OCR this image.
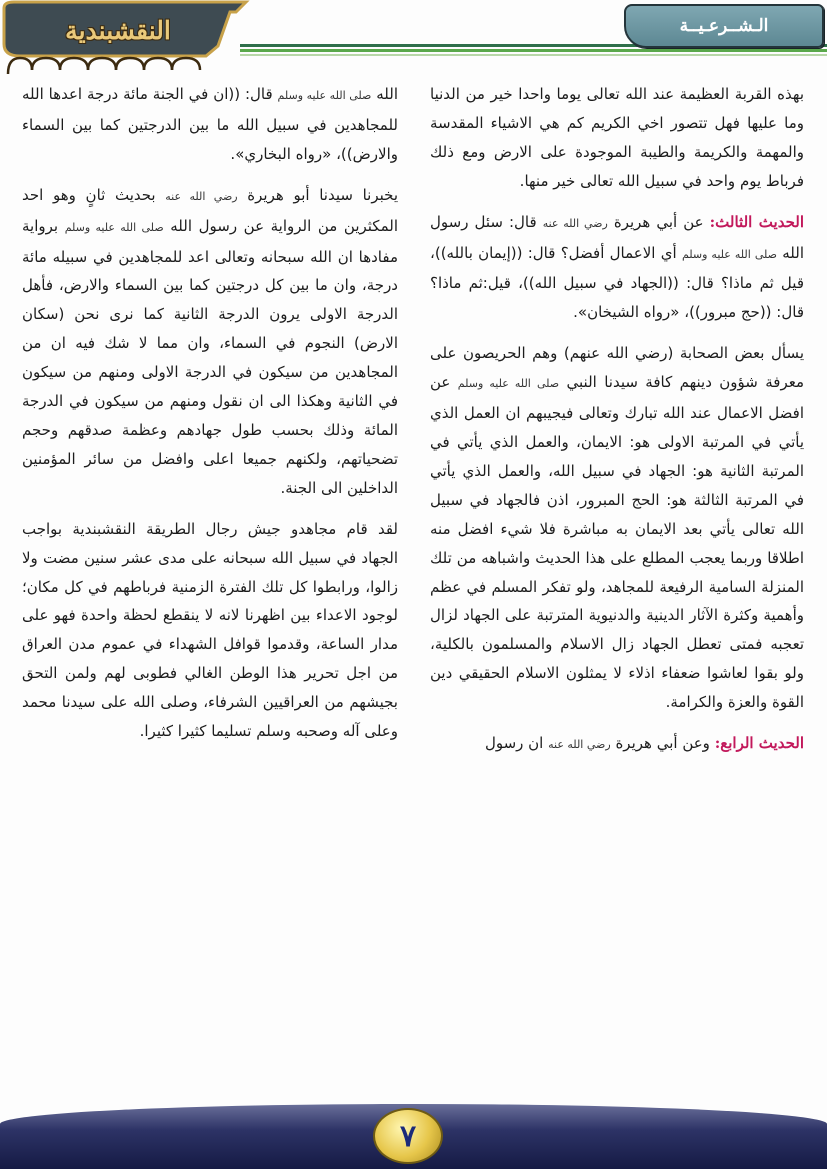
الـشــرعـيــة
النقشبندية

بهذه القربة العظيمة عند الله تعالى يوما واحدا خير من الدنيا وما عليها فهل تتصور اخي الكريم كم هي الاشياء المقدسة والمهمة والكريمة والطيبة الموجودة على الارض ومع ذلك فرباط يوم واحد في سبيل الله تعالى خير منها.

الحديث الثالث: عن أبي هريرة رضي الله عنه قال: سئل رسول الله صلى الله عليه وسلم أي الاعمال أفضل؟ قال: ((إيمان بالله))، قيل ثم ماذا؟ قال: ((الجهاد في سبيل الله))، قيل:ثم ماذا؟ قال: ((حج مبرور))، «رواه الشيخان».

يسأل بعض الصحابة (رضي الله عنهم) وهم الحريصون على معرفة شؤون دينهم كافة سيدنا النبي صلى الله عليه وسلم عن افضل الاعمال عند الله تبارك وتعالى فيجيبهم ان العمل الذي يأتي في المرتبة الاولى هو: الايمان، والعمل الذي يأتي في المرتبة الثانية هو: الجهاد في سبيل الله، والعمل الذي يأتي في المرتبة الثالثة هو: الحج المبرور، اذن فالجهاد في سبيل الله تعالى يأتي بعد الايمان به مباشرة فلا شيء افضل منه اطلاقا وربما يعجب المطلع على هذا الحديث واشباهه من تلك المنزلة السامية الرفيعة للمجاهد، ولو تفكر المسلم في عظم وأهمية وكثرة الآثار الدينية والدنيوية المترتبة على الجهاد لزال تعجبه فمتى تعطل الجهاد زال الاسلام والمسلمون بالكلية، ولو بقوا لعاشوا ضعفاء اذلاء لا يمثلون الاسلام الحقيقي دين القوة والعزة والكرامة.

الحديث الرابع: وعن أبي هريرة رضي الله عنه ان رسول

الله صلى الله عليه وسلم قال: ((ان في الجنة مائة درجة اعدها الله للمجاهدين في سبيل الله ما بين الدرجتين كما بين السماء والارض))، «رواه البخاري».

يخبرنا سيدنا أبو هريرة رضي الله عنه بحديث ثانٍ وهو احد المكثرين من الرواية عن رسول الله صلى الله عليه وسلم برواية مفادها ان الله سبحانه وتعالى اعد للمجاهدين في سبيله مائة درجة، وان ما بين كل درجتين كما بين السماء والارض، فأهل الدرجة الاولى يرون الدرجة الثانية كما نرى نحن (سكان الارض) النجوم في السماء، وان مما لا شك فيه ان من المجاهدين من سيكون في الدرجة الاولى ومنهم من سيكون في الثانية وهكذا الى ان نقول ومنهم من سيكون في الدرجة المائة وذلك بحسب طول جهادهم وعظمة صدقهم وحجم تضحياتهم، ولكنهم جميعا اعلى وافضل من سائر المؤمنين الداخلين الى الجنة.

لقد قام مجاهدو جيش رجال الطريقة النقشبندية بواجب الجهاد في سبيل الله سبحانه على مدى عشر سنين مضت ولا زالوا، ورابطوا كل تلك الفترة الزمنية فرباطهم في كل مكان؛ لوجود الاعداء بين اظهرنا لانه لا ينقطع لحظة واحدة فهو على مدار الساعة، وقدموا قوافل الشهداء في عموم مدن العراق من اجل تحرير هذا الوطن الغالي فطوبى لهم ولمن التحق بجيشهم من العراقيين الشرفاء، وصلى الله على سيدنا محمد وعلى آله وصحبه وسلم تسليما كثيرا كثيرا.

٧
